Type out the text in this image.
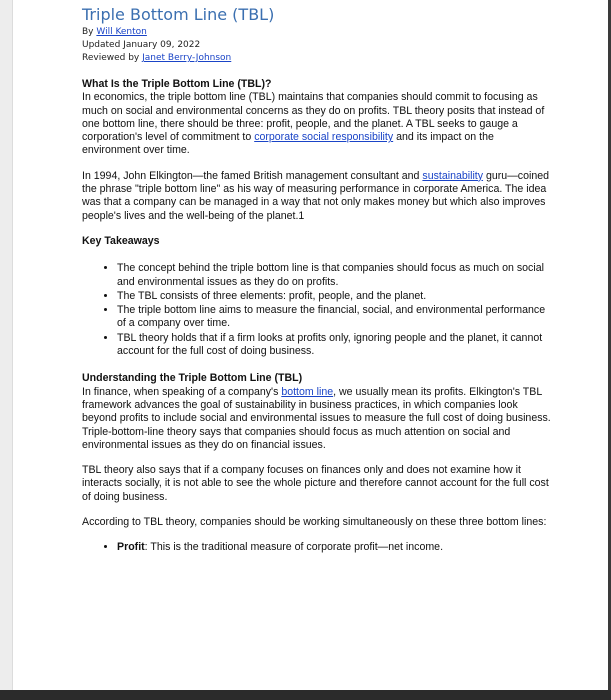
Triple Bottom Line (TBL)
By Will Kenton
Updated January 09, 2022
Reviewed by Janet Berry-Johnson

What Is the Triple Bottom Line (TBL)?
In economics, the triple bottom line (TBL) maintains that companies should commit to focusing as much on social and environmental concerns as they do on profits. TBL theory posits that instead of one bottom line, there should be three: profit, people, and the planet. A TBL seeks to gauge a corporation's level of commitment to corporate social responsibility and its impact on the environment over time.

In 1994, John Elkington—the famed British management consultant and sustainability guru—coined the phrase "triple bottom line" as his way of measuring performance in corporate America. The idea was that a company can be managed in a way that not only makes money but which also improves people's lives and the well-being of the planet.1

Key Takeaways
• The concept behind the triple bottom line is that companies should focus as much on social and environmental issues as they do on profits.
• The TBL consists of three elements: profit, people, and the planet.
• The triple bottom line aims to measure the financial, social, and environmental performance of a company over time.
• TBL theory holds that if a firm looks at profits only, ignoring people and the planet, it cannot account for the full cost of doing business.

Understanding the Triple Bottom Line (TBL)
In finance, when speaking of a company's bottom line, we usually mean its profits. Elkington's TBL framework advances the goal of sustainability in business practices, in which companies look beyond profits to include social and environmental issues to measure the full cost of doing business. Triple-bottom-line theory says that companies should focus as much attention on social and environmental issues as they do on financial issues.

TBL theory also says that if a company focuses on finances only and does not examine how it interacts socially, it is not able to see the whole picture and therefore cannot account for the full cost of doing business.

According to TBL theory, companies should be working simultaneously on these three bottom lines:

• Profit: This is the traditional measure of corporate profit—net income.
